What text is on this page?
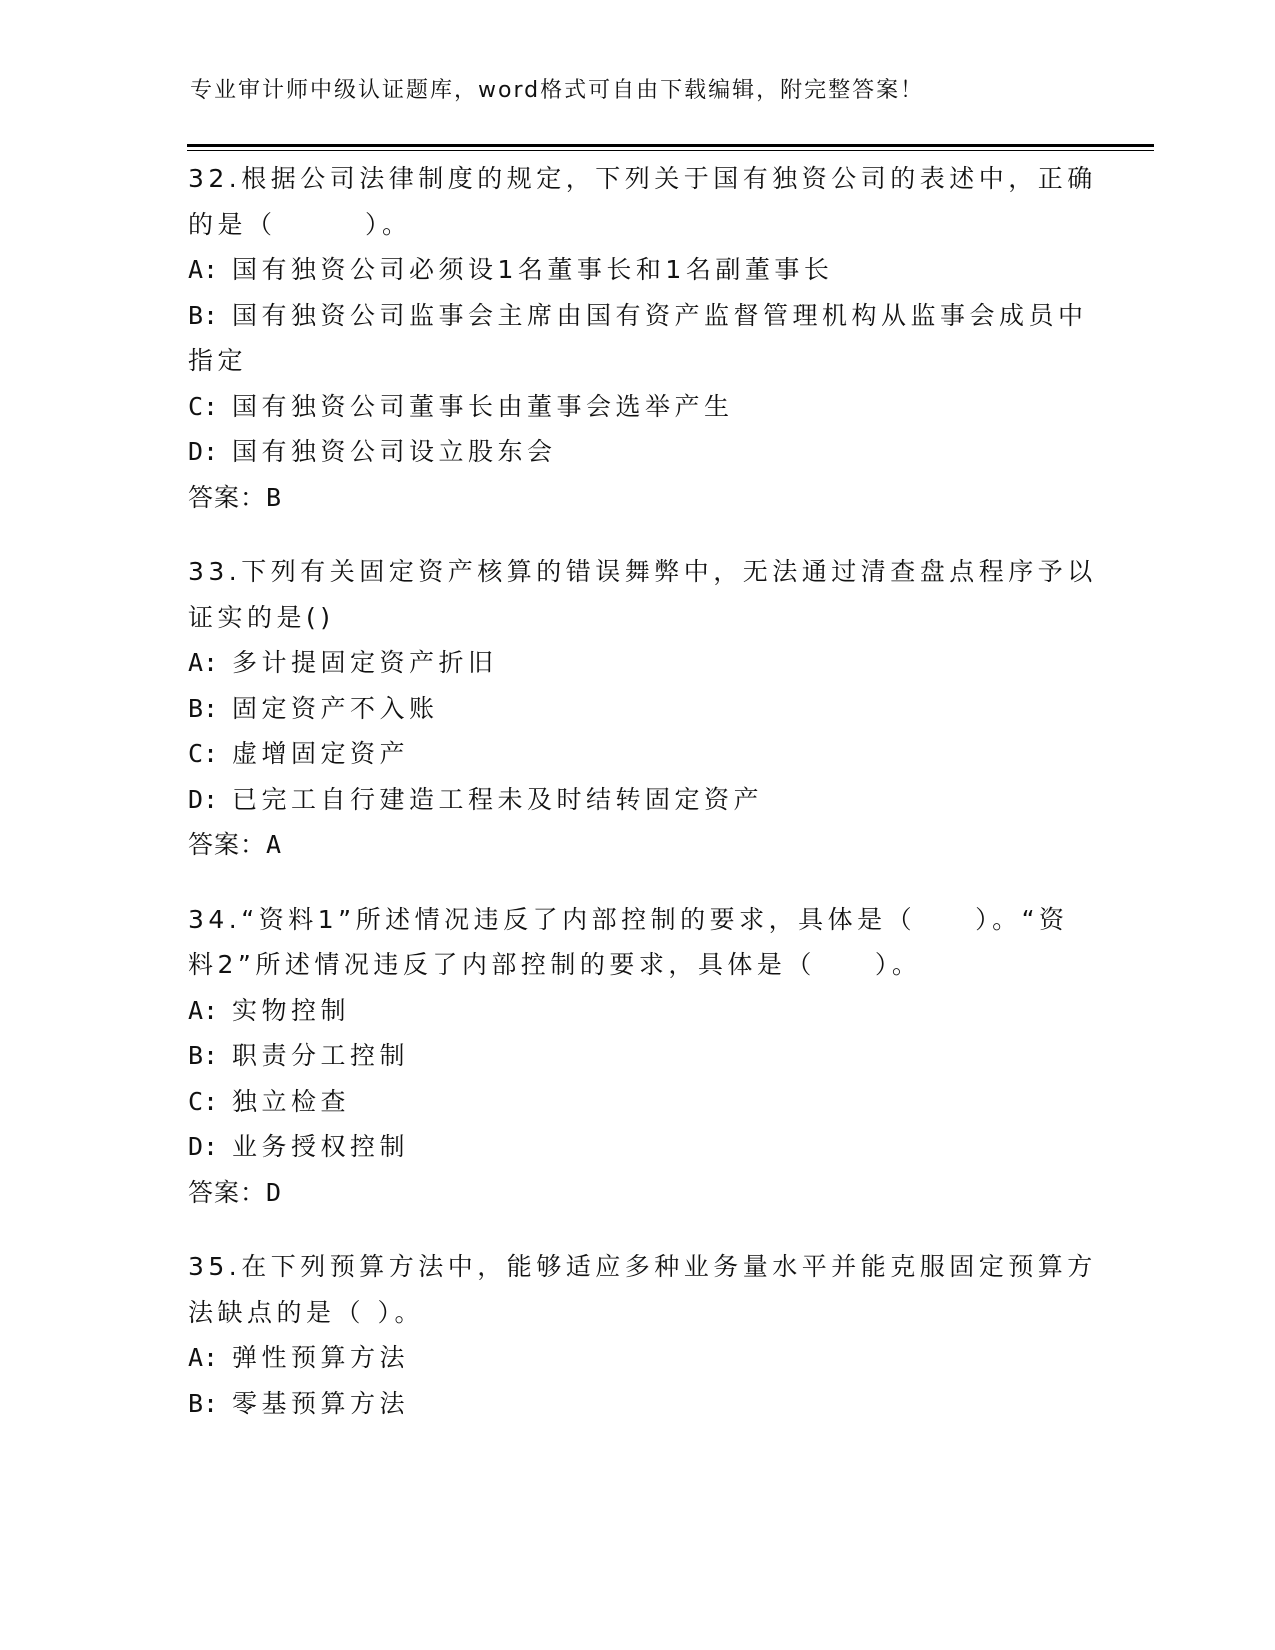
专业审计师中级认证题库，word格式可自由下载编辑，附完整答案！
32.根据公司法律制度的规定，下列关于国有独资公司的表述中，正确
的是（　　　）。
A: 国有独资公司必须设1名董事长和1名副董事长
B: 国有独资公司监事会主席由国有资产监督管理机构从监事会成员中
指定
C: 国有独资公司董事长由董事会选举产生
D: 国有独资公司设立股东会
答案：B
33.下列有关固定资产核算的错误舞弊中，无法通过清查盘点程序予以
证实的是()
A: 多计提固定资产折旧
B: 固定资产不入账
C: 虚增固定资产
D: 已完工自行建造工程未及时结转固定资产
答案：A
34.“资料1”所述情况违反了内部控制的要求，具体是（　　）。“资
料2”所述情况违反了内部控制的要求，具体是（　　）。
A: 实物控制
B: 职责分工控制
C: 独立检查
D: 业务授权控制
答案：D
35.在下列预算方法中，能够适应多种业务量水平并能克服固定预算方
法缺点的是（ ）。
A: 弹性预算方法
B: 零基预算方法
